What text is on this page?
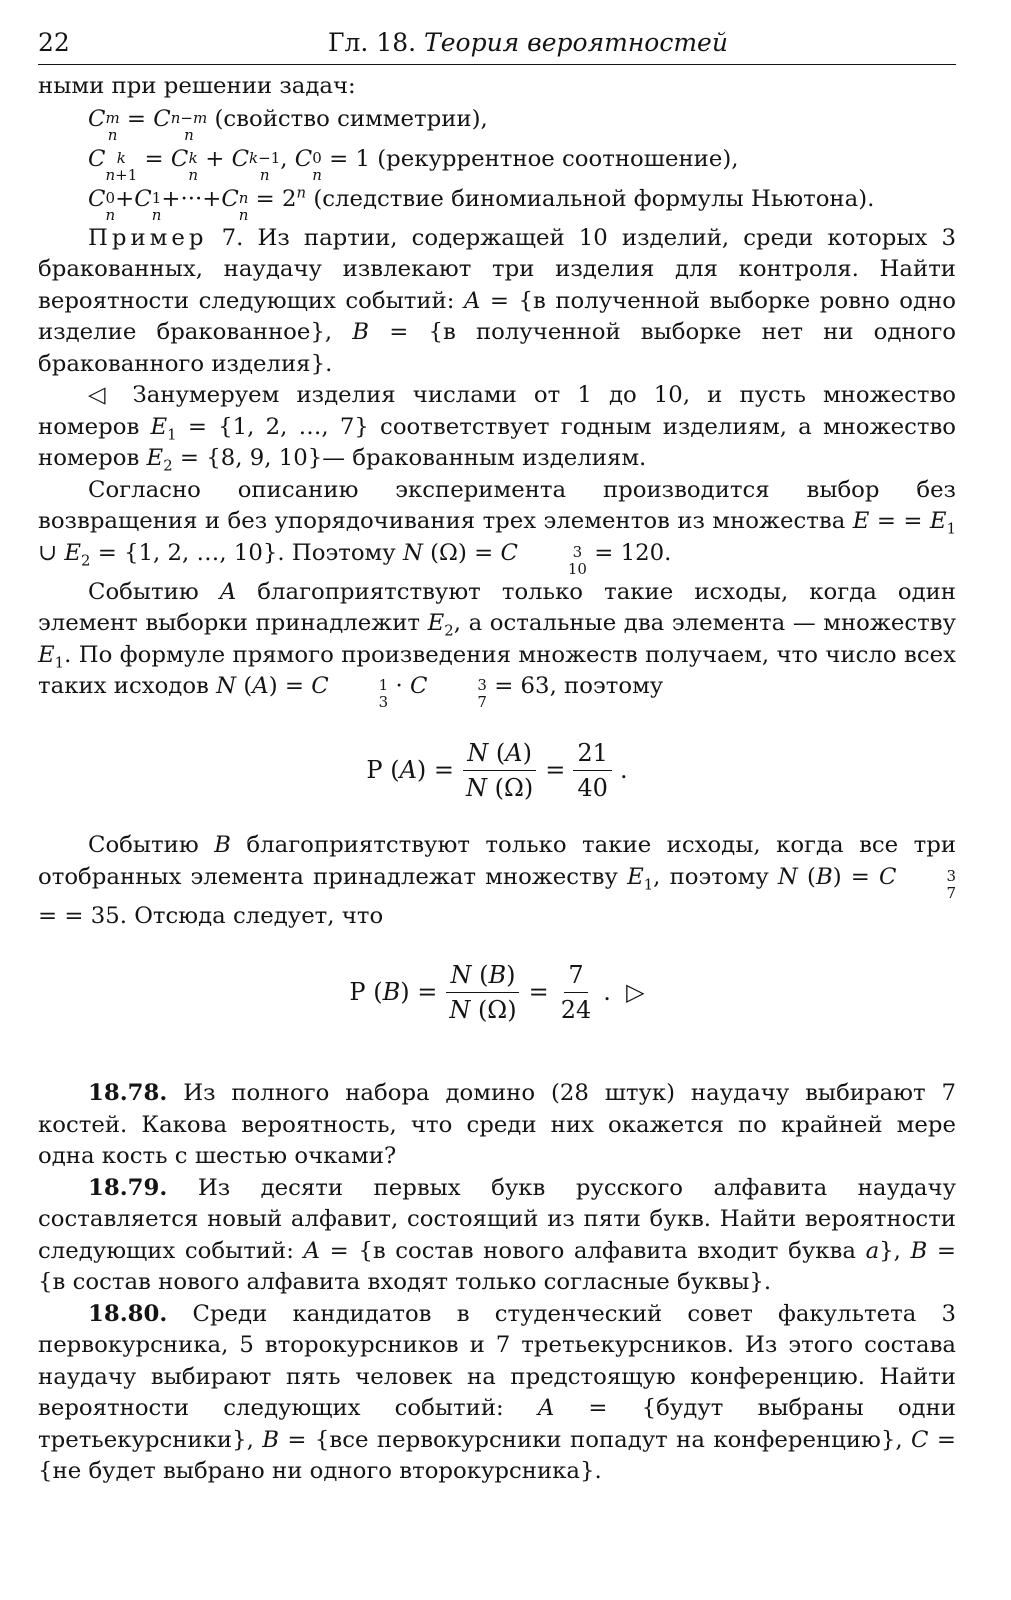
22	Гл. 18. Теория вероятностей

ными при решении задач:

C m
n
= C n−m
n
(свойство симметрии),
C k
n+1
= C k
n
+ C k−1
n
, C 0
n
= 1 (рекуррентное соотношение),
C 0
n
+C 1
n
+···+C n
n
= $2^n$ (следствие биномиальной формулы Ньютона).

Пример 7. Из партии, содержащей 10 изделий, среди которых 3 бракованных, наудачу извлекают три изделия для контроля. Найти вероятности следующих событий: A = {в полученной выборке ровно одно изделие бракованное}, B = {в полученной выборке нет ни одного бракованного изделия}.

◁ Занумеруем изделия числами от 1 до 10, и пусть множество номеров $E_1 = \{1$, 2, …, 7} соответствует годным изделиям, а множество номеров $E_2 = \{8$, 9, 10}— бракованным изделиям.

Согласно описанию эксперимента производится выбор без возвращения и без упорядочивания трех элементов из множества E = = $E_1$ ∪ $E_2 = \{1$, 2, …, 10}. Поэтому N (Ω) = C	3
10
= 120.

Событию A благоприятствуют только такие исходы, когда один элемент выборки принадлежит $E_2$, а остальные два элемента — множеству $E_1$. По формуле прямого произведения множеств получаем, что число всех таких исходов N (A) = C	1
3
· C	3
7
= 63, поэтому

P $(A) = \frac{N (A)}{N (\Omega)} = \frac{21}{40}$ .

Событию B благоприятствуют только такие исходы, когда все три отобранных элемента принадлежат множеству $E_1$, поэтому N (B) = C	3
7
= = 35. Отсюда следует, что

P $(B) = \frac{N (B)}{N (\Omega)} = \frac{7}{24}$ .  ▷

18.78. Из полного набора домино (28 штук) наудачу выбирают 7 костей. Какова вероятность, что среди них окажется по крайней мере одна кость с шестью очками?

18.79. Из десяти первых букв русского алфавита наудачу составляется новый алфавит, состоящий из пяти букв. Найти вероятности следующих событий: A = {в состав нового алфавита входит буква a}, B = {в состав нового алфавита входят только согласные буквы}.

18.80. Среди кандидатов в студенческий совет факультета 3 первокурсника, 5 второкурсников и 7 третьекурсников. Из этого состава наудачу выбирают пять человек на предстоящую конференцию. Найти вероятности следующих событий: A = {будут выбраны одни третьекурсники}, B = {все первокурсники попадут на конференцию}, C = {не будет выбрано ни одного второкурсника}.
